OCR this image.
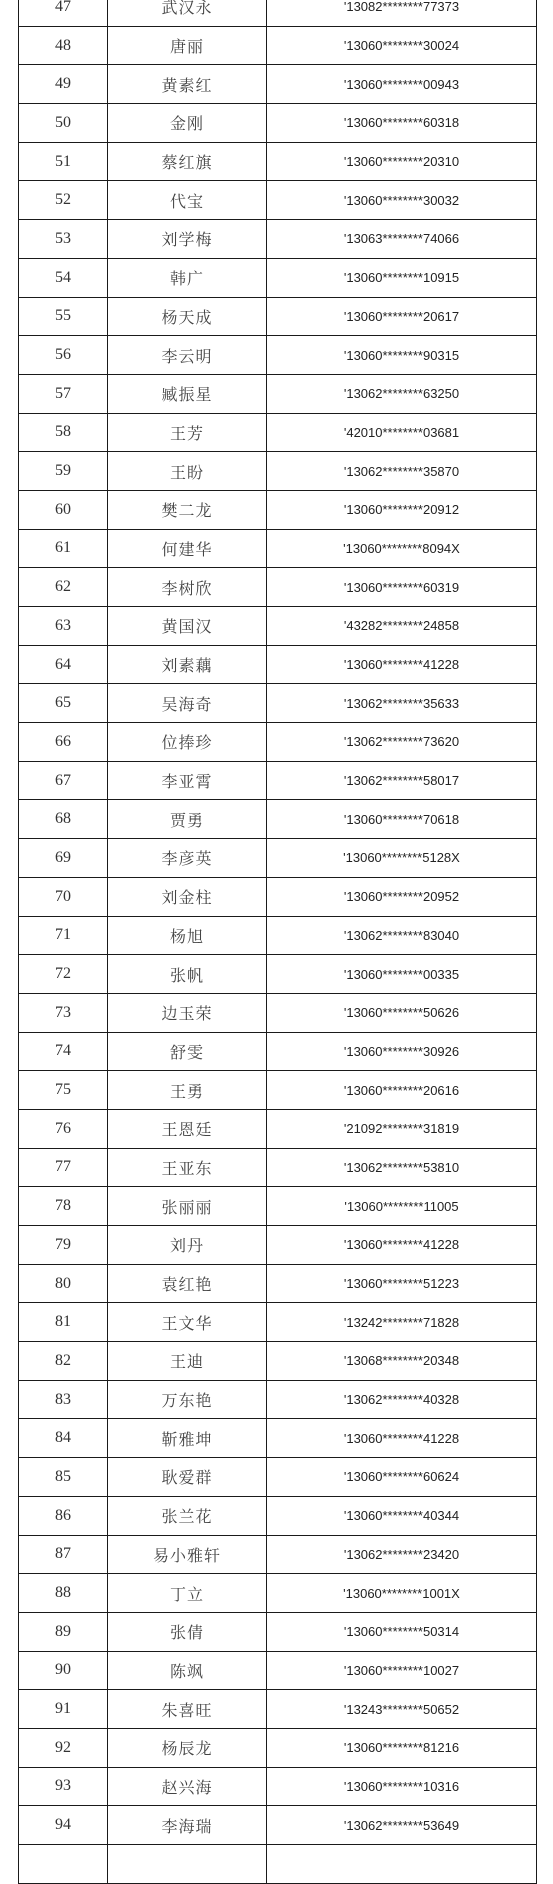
47	武汉永	'13082********77373
48	唐丽	'13060********30024
49	黄素红	'13060********00943
50	金刚	'13060********60318
51	蔡红旗	'13060********20310
52	代宝	'13060********30032
53	刘学梅	'13063********74066
54	韩广	'13060********10915
55	杨天成	'13060********20617
56	李云明	'13060********90315
57	臧振星	'13062********63250
58	王芳	'42010********03681
59	王盼	'13062********35870
60	樊二龙	'13060********20912
61	何建华	'13060********8094X
62	李树欣	'13060********60319
63	黄国汉	'43282********24858
64	刘素藕	'13060********41228
65	吴海奇	'13062********35633
66	位捧珍	'13062********73620
67	李亚霄	'13062********58017
68	贾勇	'13060********70618
69	李彦英	'13060********5128X
70	刘金柱	'13060********20952
71	杨旭	'13062********83040
72	张帆	'13060********00335
73	边玉荣	'13060********50626
74	舒雯	'13060********30926
75	王勇	'13060********20616
76	王恩廷	'21092********31819
77	王亚东	'13062********53810
78	张丽丽	'13060********11005
79	刘丹	'13060********41228
80	袁红艳	'13060********51223
81	王文华	'13242********71828
82	王迪	'13068********20348
83	万东艳	'13062********40328
84	靳雅坤	'13060********41228
85	耿爱群	'13060********60624
86	张兰花	'13060********40344
87	易小雅轩	'13062********23420
88	丁立	'13060********1001X
89	张倩	'13060********50314
90	陈飒	'13060********10027
91	朱喜旺	'13243********50652
92	杨辰龙	'13060********81216
93	赵兴海	'13060********10316
94	李海瑞	'13062********53649
